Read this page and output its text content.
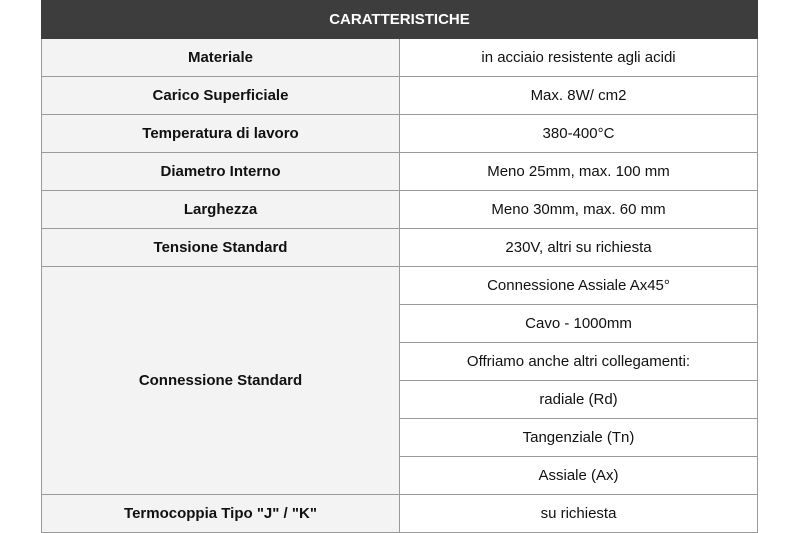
CARATTERISTICHE	
Materiale	in acciaio resistente agli acidi
Carico Superficiale	Max. 8W/ cm2
Temperatura di lavoro	380-400°C
Diametro Interno	Meno 25mm, max. 100 mm
Larghezza	Meno 30mm, max. 60 mm
Tensione Standard	230V, altri su richiesta
Connessione Standard	Connessione Assiale Ax45°
	Cavo - 1000mm
	Offriamo anche altri collegamenti:
	radiale (Rd)
	Tangenziale (Tn)
	Assiale (Ax)
Termocoppia Tipo "J" / "K"	su richiesta
